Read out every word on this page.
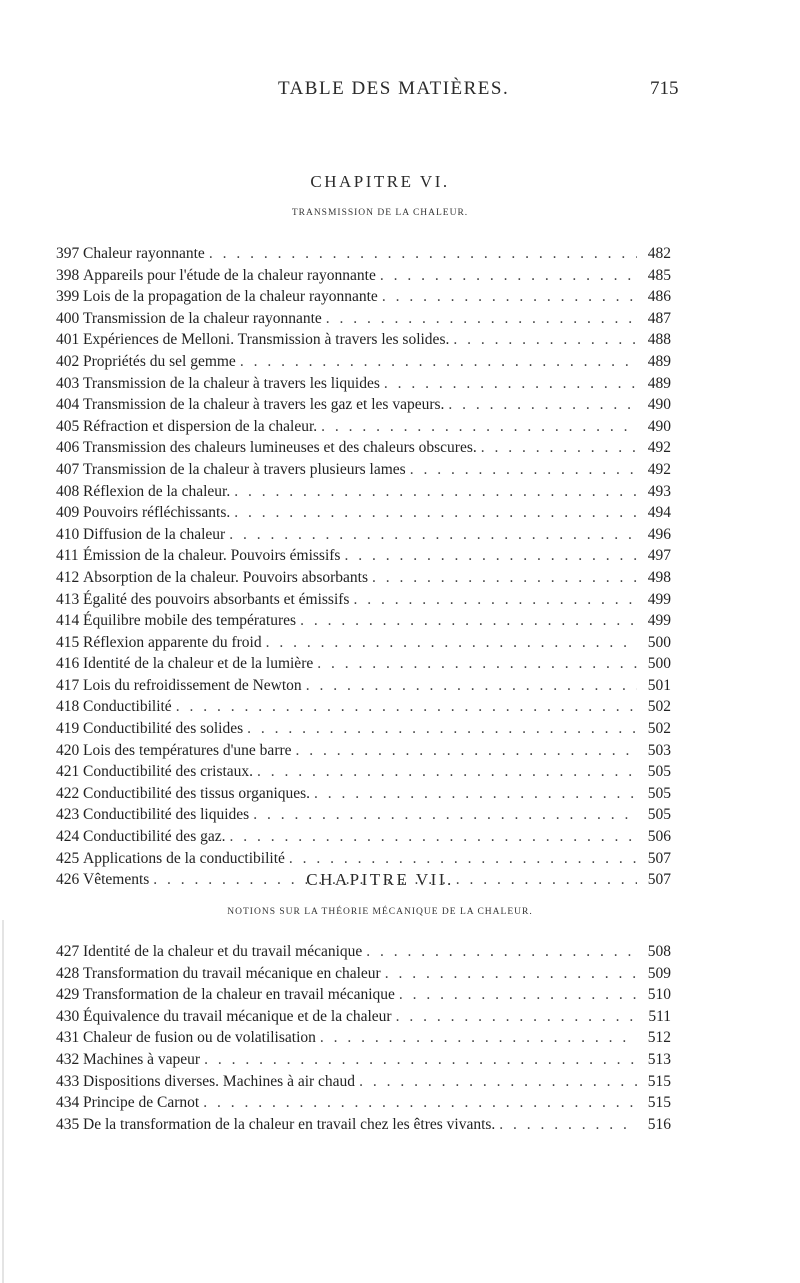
TABLE DES MATIÈRES.	715
CHAPITRE VI.
TRANSMISSION DE LA CHALEUR.
397 Chaleur rayonnante . . .	482
398 Appareils pour l'étude de la chaleur rayonnante . . .	485
399 Lois de la propagation de la chaleur rayonnante . . .	486
400 Transmission de la chaleur rayonnante . . .	487
401 Expériences de Melloni. Transmission à travers les solides. . . .	488
402 Propriétés du sel gemme . . .	489
403 Transmission de la chaleur à travers les liquides . . .	489
404 Transmission de la chaleur à travers les gaz et les vapeurs. . . .	490
405 Réfraction et dispersion de la chaleur. . . .	490
406 Transmission des chaleurs lumineuses et des chaleurs obscures. . . .	492
407 Transmission de la chaleur à travers plusieurs lames . . .	492
408 Réflexion de la chaleur. . . .	493
409 Pouvoirs réfléchissants. . . .	494
410 Diffusion de la chaleur . . .	496
411 Émission de la chaleur. Pouvoirs émissifs . . .	497
412 Absorption de la chaleur. Pouvoirs absorbants . . .	498
413 Égalité des pouvoirs absorbants et émissifs . . .	499
414 Équilibre mobile des températures . . .	499
415 Réflexion apparente du froid . . .	500
416 Identité de la chaleur et de la lumière . . .	500
417 Lois du refroidissement de Newton . . .	501
418 Conductibilité . . .	502
419 Conductibilité des solides . . .	502
420 Lois des températures d'une barre . . .	503
421 Conductibilité des cristaux. . . .	505
422 Conductibilité des tissus organiques. . . .	505
423 Conductibilité des liquides . . .	505
424 Conductibilité des gaz. . . .	506
425 Applications de la conductibilité . . .	507
426 Vêtements . . .	507
CHAPITRE VII.
NOTIONS SUR LA THÉORIE MÉCANIQUE DE LA CHALEUR.
427 Identité de la chaleur et du travail mécanique . . .	508
428 Transformation du travail mécanique en chaleur . . .	509
429 Transformation de la chaleur en travail mécanique . . .	510
430 Équivalence du travail mécanique et de la chaleur . . .	511
431 Chaleur de fusion ou de volatilisation . . .	512
432 Machines à vapeur . . .	513
433 Dispositions diverses. Machines à air chaud . . .	515
434 Principe de Carnot . . .	515
435 De la transformation de la chaleur en travail chez les êtres vivants. . . .	516
